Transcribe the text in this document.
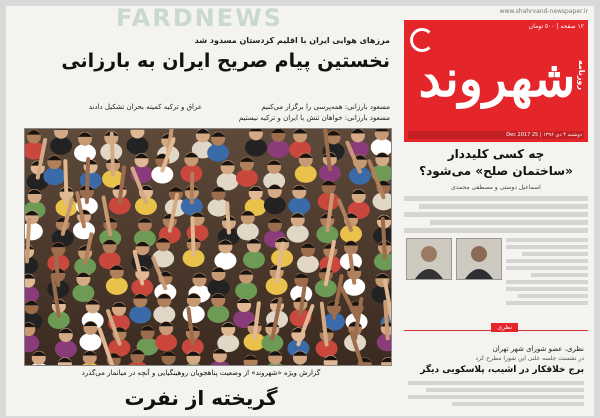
www.shahrvand-newspaper.ir
FARDNEWS	١٢ صفحه | ٥٠٠ تومان
روزنامه
شهروند
دوشنبه ۴ دی ۱۳۹۶ | 25 Dec 2017
مرزهای هوایی ایران با اقلیم کردستان مسدود شد
نخستین پیام صریح ایران به بارزانی
مسعود بارزانی: همه‌پرسی را برگزار می‌کنیم
عراق و ترکیه کمیته بحران تشکیل دادند
مسعود بارزانی: خواهان تنش با ایران و ترکیه نیستیم
گزارش ویژه «شهروند» از وضعیت پناهجویان روهینگیایی و آنچه در میانمار می‌گذرد
گریخته از نفرت
چه کسی کلیددار
«ساختمان صلح» می‌شود؟
اسماعیل دوستی و مصطفی محمدی
نظری
نظری، عضو شورای شهر تهران
در نشست جلسه علنی این شورا مطرح کرد
برج خلاقکار در اشیب، پلاسکویی دیگر
